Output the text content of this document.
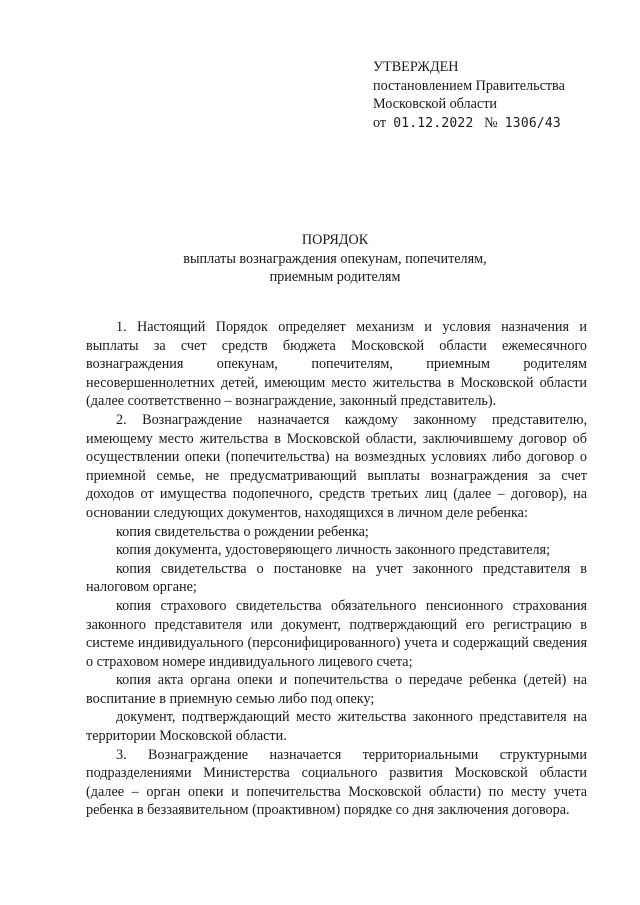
УТВЕРЖДЕН
постановлением Правительства
Московской области
от 01.12.2022 № 1306/43
ПОРЯДОК
выплаты вознаграждения опекунам, попечителям,
приемным родителям

1. Настоящий Порядок определяет механизм и условия назначения и выплаты за счет средств бюджета Московской области ежемесячного вознаграждения опекунам, попечителям, приемным родителям несовершеннолетних детей, имеющим место жительства в Московской области (далее соответственно – вознаграждение, законный представитель).

2. Вознаграждение назначается каждому законному представителю, имеющему место жительства в Московской области, заключившему договор об осуществлении опеки (попечительства) на возмездных условиях либо договор о приемной семье, не предусматривающий выплаты вознаграждения за счет доходов от имущества подопечного, средств третьих лиц (далее – договор), на основании следующих документов, находящихся в личном деле ребенка:

копия свидетельства о рождении ребенка;

копия документа, удостоверяющего личность законного представителя;

копия свидетельства о постановке на учет законного представителя в налоговом органе;

копия страхового свидетельства обязательного пенсионного страхования законного представителя или документ, подтверждающий его регистрацию в системе индивидуального (персонифицированного) учета и содержащий сведения о страховом номере индивидуального лицевого счета;

копия акта органа опеки и попечительства о передаче ребенка (детей) на воспитание в приемную семью либо под опеку;

документ, подтверждающий место жительства законного представителя на территории Московской области.

3. Вознаграждение назначается территориальными структурными подразделениями Министерства социального развития Московской области (далее – орган опеки и попечительства Московской области) по месту учета ребенка в беззаявительном (проактивном) порядке со дня заключения договора.
